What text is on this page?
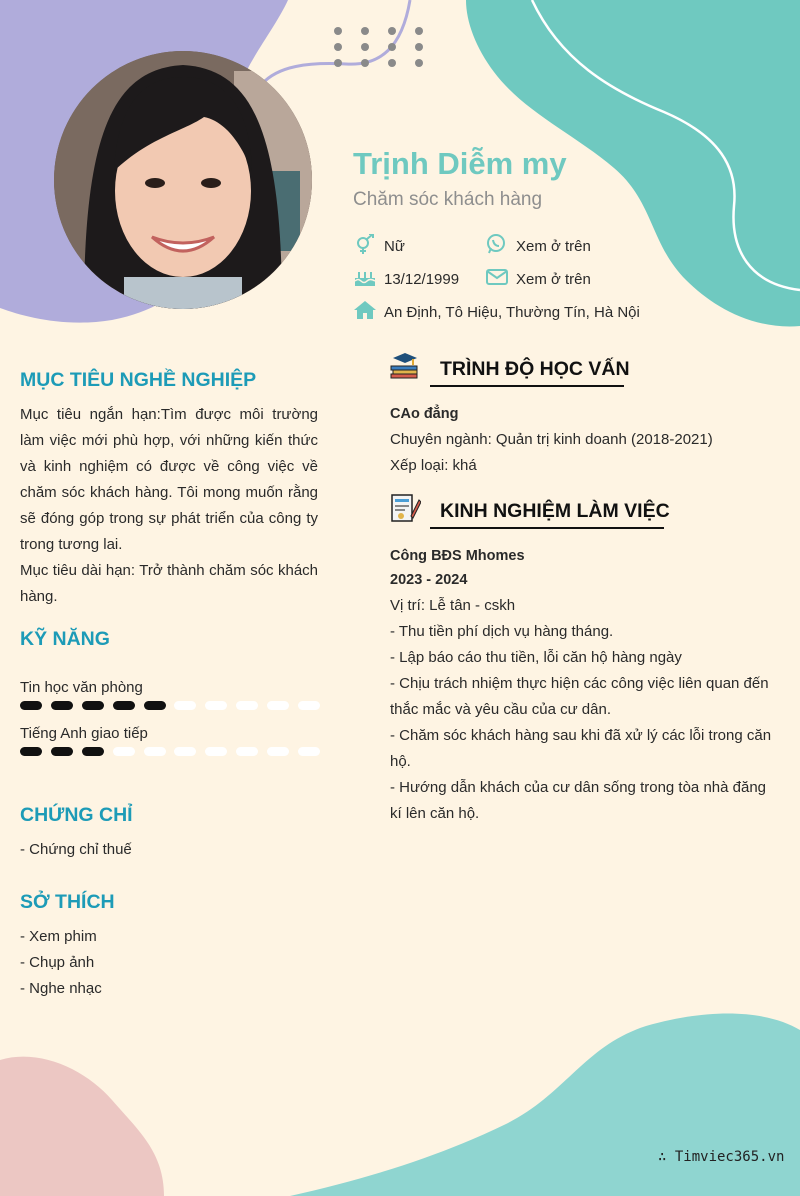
Trịnh Diễm my
Chăm sóc khách hàng
Nữ	Xem ở trên
13/12/1999	Xem ở trên
An Định, Tô Hiệu, Thường Tín, Hà Nội
MỤC TIÊU NGHỀ NGHIỆP

Mục tiêu ngắn hạn:Tìm được môi trường làm việc mới phù hợp, với những kiến thức và kinh nghiệm có được về công việc về chăm sóc khách hàng. Tôi mong muốn rằng sẽ đóng góp trong sự phát triển của công ty trong tương lai.

Mục tiêu dài hạn: Trở thành chăm sóc khách hàng.

KỸ NĂNG
Tin học văn phòng
Tiếng Anh giao tiếp
CHỨNG CHỈ
- Chứng chỉ thuế
SỞ THÍCH
- Xem phim
- Chụp ảnh
- Nghe nhạc
TRÌNH ĐỘ HỌC VẤN
CAo đẳng
Chuyên ngành: Quản trị kinh doanh (2018-2021)
Xếp loại: khá
KINH NGHIỆM LÀM VIỆC
Công BĐS Mhomes
2023 - 2024
Vị trí: Lễ tân - cskh
- Thu tiền phí dịch vụ hàng tháng.
- Lập báo cáo thu tiền, lỗi căn hộ hàng ngày
- Chịu trách nhiệm thực hiện các công việc liên quan đến thắc mắc và yêu cầu của cư dân.
- Chăm sóc khách hàng sau khi đã xử lý các lỗi trong căn hộ.
- Hướng dẫn khách của cư dân sống trong tòa nhà đăng kí lên căn hộ.
∴ Timviec365.vn
